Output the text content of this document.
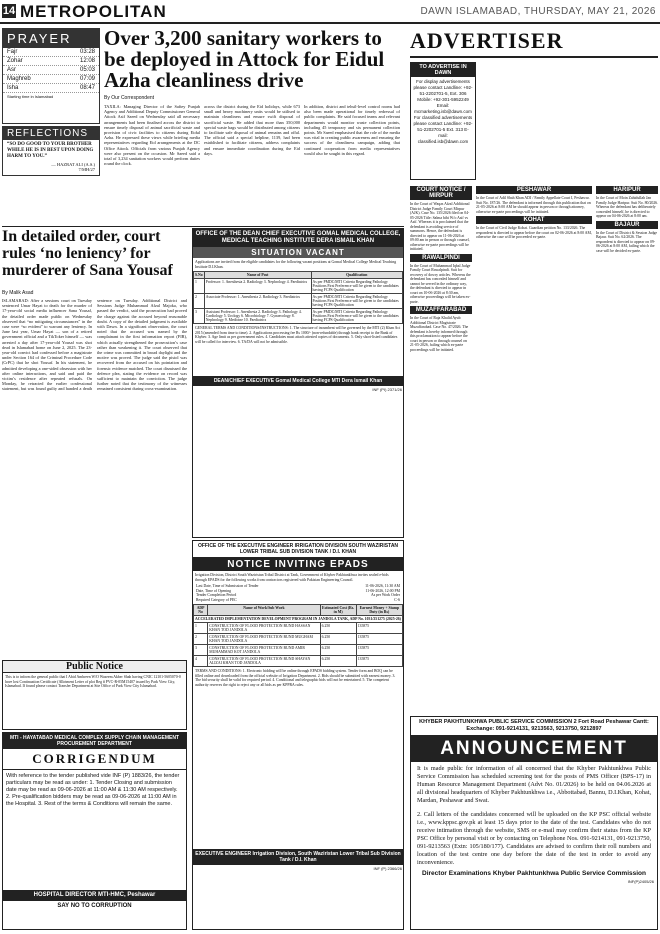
14 METROPOLITAN	DAWN ISLAMABAD, THURSDAY, MAY 21, 2026
PRAYER
Fajr	03:28
Zohar	12:08
Asr	05:03
Maghreb	07:09
Isha	08:47
Starting time in Islamabad
REFLECTIONS
“SO DO GOOD TO YOUR BROTHER WHILE HE IS IN BEST UPON DOING HARM TO YOU.”
— HAZRAT ALI (A.S.)
7/MH/27
Over 3,200 sanitary workers to be deployed in Attock for Eidul Azha cleanliness drive
By Our Correspondent
TAXILA: Managing Director of the Saftey Punjab Agency and Additional Deputy Commissioner General Attock Asif Saeed on Wednesday said all necessary arrangements had been finalised across the district to ensure timely disposal of animal sacrificial waste and provision of civic facilities to citizens during Eidul Azha. He expressed these views while briefing media representatives regarding Eid arrangements at the DC Office Attock. Officials from various Punjab Agency were also present on the occasion. Mr Saeed said a total of 3,234 sanitation workers would perform duties round the clock.
across the district during the Eid holidays, while 673 small and heavy machinery units would be utilised to maintain cleanliness and ensure swift disposal of sacrificial waste. He added that more than 350,000 special waste bags would be distributed among citizens to facilitate safe disposal of animal remains and offal. The official said a special helpline, 1139, had been established to facilitate citizens, address complaints and ensure immediate coordination during the Eid days.
In addition, district and tehsil-level control rooms had also been made operational for timely redressal of public complaints. He said focused teams and relevant departments would monitor waste collection points, including 45 temporary and six permanent collection points. Mr Saeed emphasised that the role of the media was vital in creating public awareness and ensuring the success of the cleanliness campaign, adding that continued cooperation from media representatives would also be sought in this regard.
In detailed order, court rules ‘no leniency’ for murderer of Sana Yousaf
By Malik Asad
ISLAMABAD: After a sessions court on Tuesday sentenced Umar Hayat to death for the murder of 17-year-old social media influencer Sana Yousaf, the detailed order made public on Wednesday observed that “no mitigating circumstances” in the case were “so evident” to warrant any leniency. In June last year, Umar Hayat — son of a retired government official and a TikToker himself — was arrested a day after 17-year-old Yousaf was shot dead in Islamabad home on June 2, 2025. The 23-year-old convict had confessed before a magistrate under Section 164 of the Criminal Procedure Code (CrPC) that he shot Yousaf. In his statement, he admitted developing a one-sided obsession with her after online interactions, and said and paid the victim’s residence after repeated refusals. On Monday, he retracted the earlier confessional statement, but was found guilty and handed a death sentence on Tuesday. Additional District and Sessions Judge Muhammad Afzal Majoka, who passed the verdict, said the prosecution had proved the charge against the accused beyond reasonable doubt. A copy of the detailed judgment is available with Dawn. In a significant observation, the court noted that the accused was named by the complainant in the first information report (FIR), which actually strengthened the prosecution’s case rather than weakening it. The court observed that the crime was committed in broad daylight and the motive was proved. The judge said the pistol was recovered from the accused on his pointation and forensic evidence matched. The court dismissed the defence plea, stating the evidence on record was sufficient to maintain the conviction. The judge further noted that the testimony of the witnesses remained consistent during cross-examination.
OFFICE OF THE DEAN CHIEF EXECUTIVE GOMAL MEDICAL COLLEGE, MEDICAL TEACHING INSTITUTE DERA ISMAIL KHAN
SITUATION VACANT
Applications are invited from the eligible candidates for the following vacant positions at Gomal Medical College Medical Teaching Institute D.I.Khan.
S.No	Name of Post	Qualification
1	Professor: 1. Anesthesia 2. Radiology 3. Nephrology 4. Paediatrics	As per PMDC/MTI Criteria Regarding Pathology Positions First Preference will be given to the candidates having FCPS Qualification
2	Associate Professor: 1. Anesthesia 2. Radiology 3. Paediatrics	As per PMDC/MTI Criteria Regarding Pathology Positions First Preference will be given to the candidates having FCPS Qualification
3	Assistant Professor: 1. Anesthesia 2. Radiology 3. Pathology 4. Cardiology 5. Urology 6. Microbiology 7. Gynaecology 8. Nephrology 9. Medicine 10. Paediatrics	As per PMDC/MTI Criteria Regarding Pathology Positions First Preference will be given to the candidates having FCPS Qualification
GENERAL TERMS AND CONDITIONS/INSTRUCTIONS: 1. The structure of incumbent will be governed by the MTI (2) Khan Act 2015 (amended from time to time). 2. Applications processing fee Rs 1000/- (non-refundable) through bank receipt to the Bank of Khyber. 3. Age limit as per government rules. 4. Candidates must attach attested copies of documents. 5. Only short-listed candidates will be called for interview. 6. TA/DA will not be admissible.
DEAN/CHIEF EXECUTIVE Gomal Medical College MTI Dera Ismail Khan
INF (PI) 2371/26
OFFICE OF THE EXECUTIVE ENGINEER IRRIGATION DIVISION SOUTH WAZIRISTAN LOWER TRIBAL SUB DIVISION TANK / D.I. KHAN
NOTICE INVITING EPADS
Irrigation Division, District South Waziristan Tribal District at Tank, Government of Khyber Pakhtunkhwa invites sealed e-bids through EPADS for the following works from contractors registered with Pakistan Engineering Council.
Last Date, Time of Submission of Tender	11-06-2026, 11:30 AM
Date, Time of Opening	11-06-2026, 12:00 PM
Tender Completion Period	As per Work Order
Required Category of PEC	C-6
ADP No	Name of Work/Sub Work	Estimated Cost (Rs. in M)	Earnest Money + Stamp Duty (in Rs)
ACCELERATED IMPLEMENTATION DEVELOPMENT PROGRAM IN JANDOLA TANK, ADP No. 1031/251275 (2025-26)			
1	CONSTRUCTION OF FLOOD PROTECTION BUND HASSAN KHAN TOD JANDOLA	6.250	135875
2	CONSTRUCTION OF FLOOD PROTECTION BUND MUGHAM KHAN TOD JANDOLA	6.250	135875
3	CONSTRUCTION OF FLOOD PROTECTION BUND AMIR MUHAMMAD KOT JANDOLA	6.250	135875
4	CONSTRUCTION OF FLOOD PROTECTION BUND SHAYAN ALIZAI KHAN TOD JANDOLA	6.250	135875
TERMS AND CONDITIONS: 1. Electronic bidding will be online through EPADS bidding system. Tender form and BOQ can be filled online and downloaded from the official website of Irrigation Department. 2. Bids should be submitted with earnest money. 3. The bid security shall be valid for required period. 4. Conditional and telegraphic bids will not be entertained. 5. The competent authority reserves the right to reject any or all bids as per KPPRA rules.
EXECUTIVE ENGINEER Irrigation Division, South Waziristan Lower Tribal Sub Division Tank / D.I. Khan
INF (P) 2366/26
Public Notice
This is to inform the general public that I Abid Ambreen W/O Waseem Akber Shah having CNIC 12101-5605070-0 have lost Continuation Certificate (Allotment Letter of plot Reg # PVC-R-05M15407 issued by Park View City, Islamabad. If found please contact Transfer Department at Site Office of Park View City Islamabad.
MTI - HAYATABAD MEDICAL COMPLEX SUPPLY CHAIN MANAGEMENT PROCUREMENT DEPARTMENT
CORRIGENDUM
With reference to the tender published vide INF (P) 1883/26, the tender particulars may be read as under: 1. Tender Closing and submission date may be read as 09-06-2026 at 11:00 AM & 11:30 AM respectively. 2. Pre-qualification bidders may be read as 09-06-2026 at 11:00 AM in the Hospital. 3. Rest of the terms & Conditions will remain the same.
HOSPITAL DIRECTOR MTI-HMC, Peshawar
SAY NO TO CORRUPTION
ADVERTISER
TO ADVERTISE IN DAWN
For display advertisements please contact Landline: +92-51-2202701-5, Ext. 306 Mobile: +92-301-5952249 Email: mcmarketing.isb@dawn.com For classified advertisements please contact Landline: +92-51-2202701-5 Ext. 313 E-mail: classified.isb@dawn.com
COURT NOTICE / MIRPUR
In the Court of Waqas Afzal Additional District Judge Family Court Mirpur (AJK). Case No. 135/2026 filed on 04-05-2026 Title: Salma bibi W/o Asif vs Asif. Whereas it is proclaimed that the defendant is avoiding service of summons. Hence, the defendant is directed to appear on 11-06-2026 at 09:00 am in person or through counsel, otherwise ex-parte proceedings will be initiated.
RAWALPINDI
In the Court of Muhammad Iqbal Judge Family Court Rawalpindi. Suit for recovery of dowry articles. Whereas the defendant has concealed himself and cannot be served in the ordinary way, the defendant is directed to appear in court on 10-06-2026 at 8:30 am, otherwise proceedings will be taken ex-parte.
MUZAFFARABAD
In the Court of Raja Khalid Ayub Additional District Magistrate Muzaffarabad. Case No. 47/2026. The defendant is hereby informed through this proclamation to appear before the court in person or through counsel on 21-05-2026, failing which ex-parte proceedings will be initiated.
PESHAWAR
In the Court of Adil Shah Khan ADJ / Family Appellate Court I, Peshawar. Suit No. 187/26. The defendant is informed through this publication that on 21-05-2026 at 8:00 AM he should appear in person or through attorney, otherwise ex-parte proceedings will be initiated.
KOHAT
In the Court of Civil Judge Kohat. Guardian petition No. 133/2026. The respondent is directed to appear before the court on 02-06-2026 at 8:00 AM, otherwise the case will be proceeded ex-parte.
HARIPUR
In the Court of Moin Zahidullah Jan Family Judge Haripur. Suit No. 80/2026. Whereas the defendant has deliberately concealed himself, he is directed to appear on 04-06-2026 at 8:00 am.
BAJAUR
In the Court of District & Session Judge Bajaur. Suit No. 62/2026. The respondent is directed to appear on 09-06-2026 at 8:00 AM, failing which the case will be decided ex-parte.
KHYBER PAKHTUNKHWA PUBLIC SERVICE COMMISSION 2 Fort Road Peshawar Cantt: Exchange: 091-9214131, 9213563, 9213750, 9212897
ANNOUNCEMENT
It is made public for information of all concerned that the Khyber Pakhtunkhwa Public Service Commission has scheduled screening test for the posts of PMS Officer (BPS-17) in Human Resource Management Department (Advt No. 01/2026) to be held on 04.06.2026 at all divisional headquarters of Khyber Pakhtunkhwa i.e., Abbottabad, Bannu, D.I.Khan, Kohat, Mardan, Peshawar and Swat.
2. Call letters of the candidates concerned will be uploaded on the KP PSC official website i.e., www.kppsc.gov.pk at least 15 days prior to the date of the test. Candidates who do not receive intimation through the website, SMS or e-mail may confirm their status from the KP PSC Office by personal visit or by contacting on Telephone Nos. 091-9214131, 091-9213750, 091-9213563 (Extn: 105/180/177). Candidates are advised to confirm their roll numbers and location of the test centre one day before the date of the test in order to avoid any inconvenience.
Director Examinations Khyber Pakhtunkhwa Public Service Commission
INF(P)2405/26
